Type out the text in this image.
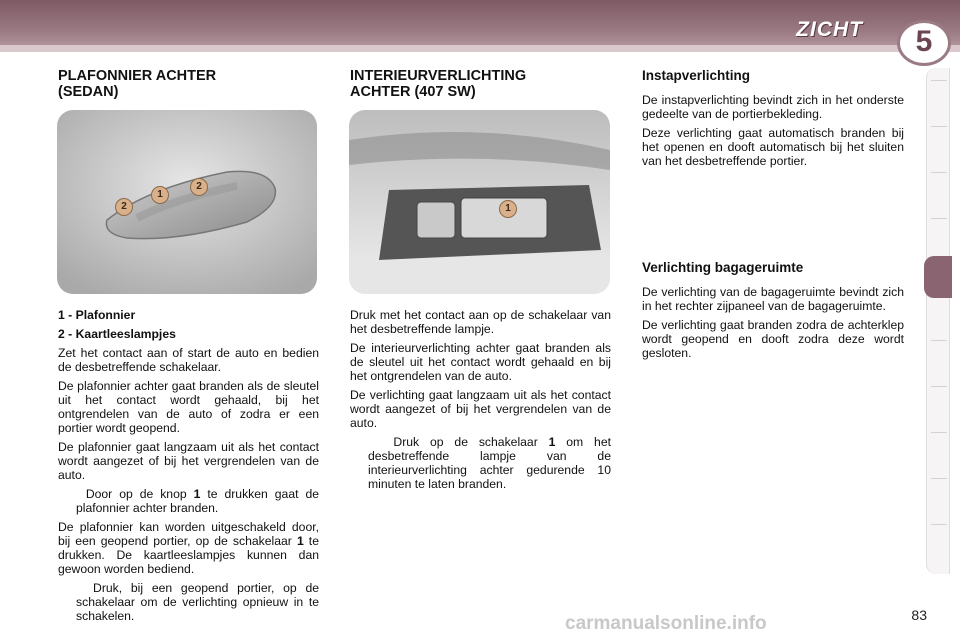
ZICHT	5
PLAFONNIER ACHTER (SEDAN)
2
1
2

1 - Plafonnier

2 - Kaartleeslampjes

Zet het contact aan of start de auto en bedien de desbetreffende schakelaar.

De plafonnier achter gaat branden als de sleutel uit het contact wordt gehaald, bij het ontgrendelen van de auto of zodra er een portier wordt geopend.

De plafonnier gaat langzaam uit als het contact wordt aangezet of bij het vergrendelen van de auto.

Door op de knop 1 te drukken gaat de plafonnier achter branden.

De plafonnier kan worden uitgeschakeld door, bij een geopend portier, op de schakelaar 1 te drukken. De kaartleeslampjes kunnen dan gewoon worden bediend.

Druk, bij een geopend portier, op de schakelaar om de verlichting opnieuw in te schakelen.

INTERIEURVERLICHTING ACHTER (407 SW)
1

Druk met het contact aan op de schakelaar van het desbetreffende lampje.

De interieurverlichting achter gaat branden als de sleutel uit het contact wordt gehaald en bij het ontgrendelen van de auto.

De verlichting gaat langzaam uit als het contact wordt aangezet of bij het vergrendelen van de auto.

Druk op de schakelaar 1 om het desbetreffende lampje van de interieurverlichting achter gedurende 10 minuten te laten branden.

Instapverlichting

De instapverlichting bevindt zich in het onderste gedeelte van de portierbekleding.

Deze verlichting gaat automatisch branden bij het openen en dooft automatisch bij het sluiten van het desbetreffende portier.

Verlichting bagageruimte

De verlichting van de bagageruimte bevindt zich in het rechter zijpaneel van de bagageruimte.

De verlichting gaat branden zodra de achterklep wordt geopend en dooft zodra deze wordt gesloten.

carmanualsonline.info	83
